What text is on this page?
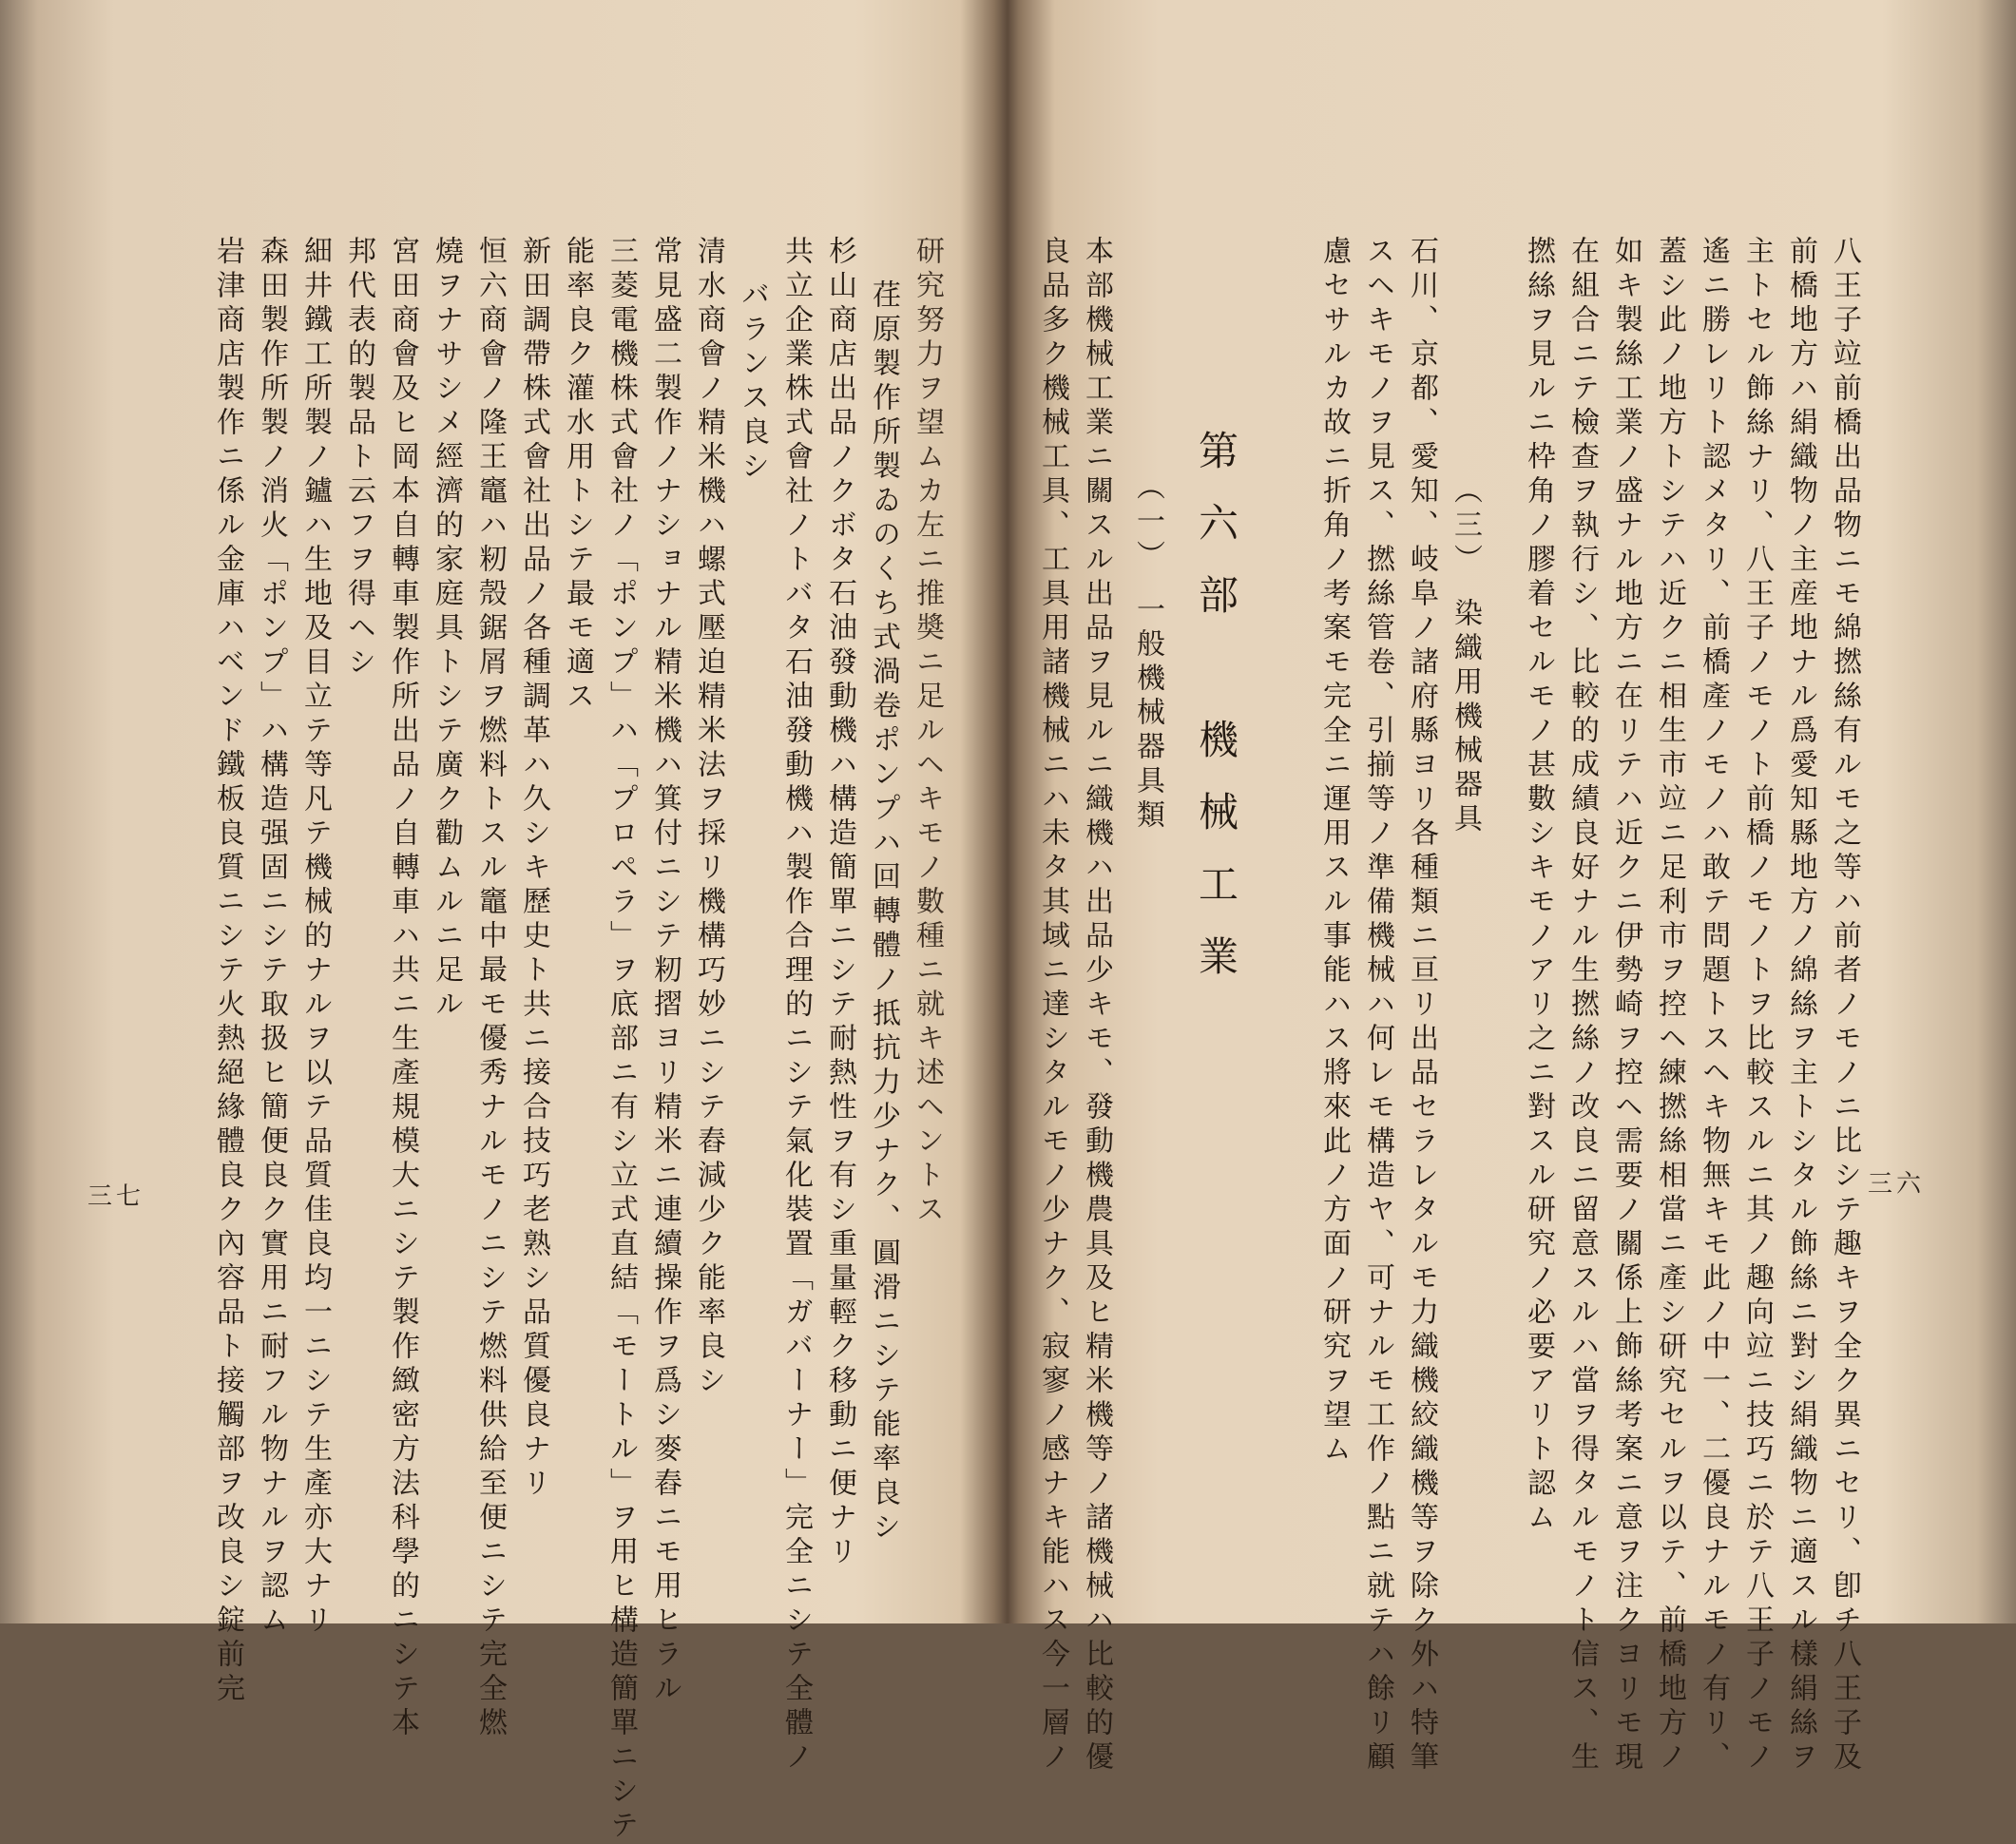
八王子竝前橋出品物ニモ綿撚絲有ルモ之等ハ前者ノモノニ比シテ趣キヲ全ク異ニセリ、卽チ八王子及
前橋地方ハ絹織物ノ主産地ナル爲愛知縣地方ノ綿絲ヲ主トシタル飾絲ニ對シ絹織物ニ適スル樣絹絲ヲ
主トセル飾絲ナリ、八王子ノモノト前橋ノモノトヲ比較スルニ其ノ趣向竝ニ技巧ニ於テ八王子ノモノ
遙ニ勝レリト認メタリ、前橋產ノモノハ敢テ問題トスヘキ物無キモ此ノ中一、二優良ナルモノ有リ、
蓋シ此ノ地方トシテハ近クニ相生市竝ニ足利市ヲ控ヘ練撚絲相當ニ產シ研究セルヲ以テ、前橋地方ノ
如キ製絲工業ノ盛ナル地方ニ在リテハ近クニ伊勢崎ヲ控ヘ需要ノ關係上飾絲考案ニ意ヲ注クヨリモ現
在組合ニテ檢查ヲ執行シ、比較的成績良好ナル生撚絲ノ改良ニ留意スルハ當ヲ得タルモノト信ス、生
撚絲ヲ見ルニ枠角ノ膠着セルモノ甚數シキモノアリ之ニ對スル研究ノ必要アリト認ム
（三）　染織用機械器具
石川、京都、愛知、岐阜ノ諸府縣ヨリ各種類ニ亘リ出品セラレタルモ力織機絞織機等ヲ除ク外ハ特筆
スヘキモノヲ見ス、撚絲管卷、引揃等ノ準備機械ハ何レモ構造ヤ、可ナルモ工作ノ點ニ就テハ餘リ顧
慮セサルカ故ニ折角ノ考案モ完全ニ運用スル事能ハス將來此ノ方面ノ研究ヲ望ム
第六部　機械工業
（一）　一般機械器具類
本部機械工業ニ關スル出品ヲ見ルニ織機ハ出品少キモ、發動機農具及ヒ精米機等ノ諸機械ハ比較的優
良品多ク機械工具、工具用諸機械ニハ未タ其域ニ達シタルモノ少ナク、寂寥ノ感ナキ能ハス今一層ノ	三六
研究努力ヲ望ムカ左ニ推奬ニ足ルヘキモノ數種ニ就キ述ヘントス
荏原製作所製ゐのくち式渦卷ポンプハ回轉體ノ抵抗力少ナク、圓滑ニシテ能率良シ
杉山商店出品ノクボタ石油發動機ハ構造簡單ニシテ耐熱性ヲ有シ重量輕ク移動ニ便ナリ
共立企業株式會社ノトバタ石油發動機ハ製作合理的ニシテ氣化裝置「ガバーナー」完全ニシテ全體ノ
バランス良シ
清水商會ノ精米機ハ螺式壓迫精米法ヲ採リ機構巧妙ニシテ舂減少ク能率良シ
常見盛二製作ノナショナル精米機ハ箕付ニシテ籾摺ヨリ精米ニ連續操作ヲ爲シ麥舂ニモ用ヒラル
三菱電機株式會社ノ「ポンプ」ハ「プロペラ」ヲ底部ニ有シ立式直結「モートル」ヲ用ヒ構造簡單ニシテ
能率良ク灌水用トシテ最モ適ス
新田調帶株式會社出品ノ各種調革ハ久シキ歷史ト共ニ接合技巧老熟シ品質優良ナリ
恒六商會ノ隆王竈ハ籾殼鋸屑ヲ燃料トスル竈中最モ優秀ナルモノニシテ燃料供給至便ニシテ完全燃
燒ヲナサシメ經濟的家庭具トシテ廣ク勸ムルニ足ル
宮田商會及ヒ岡本自轉車製作所出品ノ自轉車ハ共ニ生產規模大ニシテ製作緻密方法科學的ニシテ本
邦代表的製品ト云フヲ得ヘシ
細井鐵工所製ノ鑪ハ生地及目立テ等凡テ機械的ナルヲ以テ品質佳良均一ニシテ生產亦大ナリ
森田製作所製ノ消火「ポンプ」ハ構造强固ニシテ取扱ヒ簡便良ク實用ニ耐フル物ナルヲ認ム
岩津商店製作ニ係ル金庫ハベンド鐵板良質ニシテ火熱絕緣體良ク內容品ト接觸部ヲ改良シ錠前完
三七
